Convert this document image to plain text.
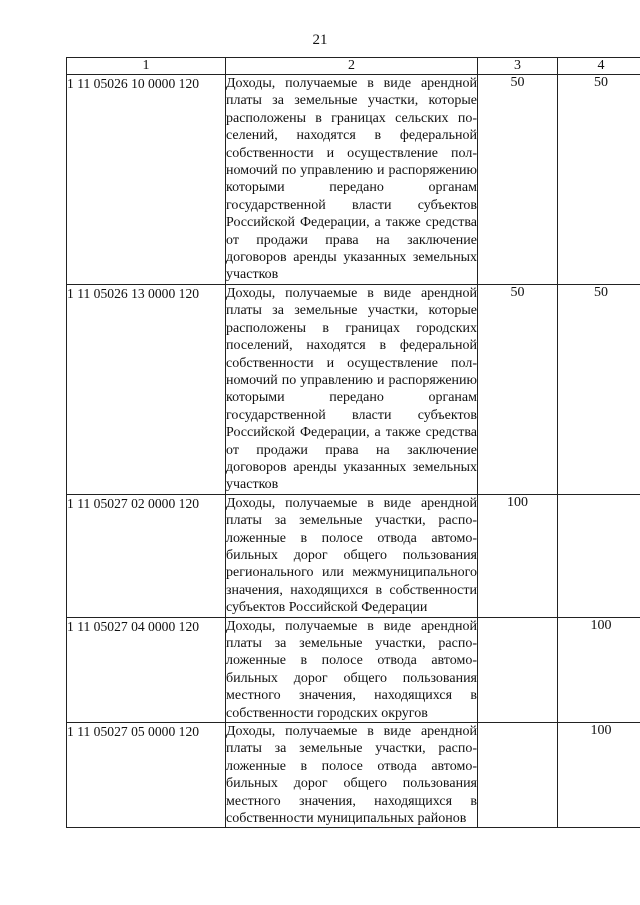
21
1	2	3	4
1 11 05026 10 0000 120	Доходы, получаемые в виде арендной платы за земельные участки, которые расположены в границах сельских поселений, находятся в федеральной собственности и осуществление полномочий по управлению и распоряжению которыми передано органам государственной власти субъектов Российской Федерации, а также средства от продажи права на заключение договоров аренды указанных земельных участков	50	50

1 11 05026 13 0000 120	Доходы, получаемые в виде арендной платы за земельные участки, которые расположены в границах городских поселений, находятся в федеральной собственности и осуществление полномочий по управлению и распоряжению которыми передано органам государственной власти субъектов Российской Федерации, а также средства от продажи права на заключение договоров аренды указанных земельных участков	50	50

1 11 05027 02 0000 120	Доходы, получаемые в виде арендной платы за земельные участки, расположенные в полосе отвода автомобильных дорог общего пользования регионального или межмуниципального значения, находящихся в собственности субъектов Российской Федерации	100	

1 11 05027 04 0000 120	Доходы, получаемые в виде арендной платы за земельные участки, расположенные в полосе отвода автомобильных дорог общего пользования местного значения, находящихся в собственности городских округов		100

1 11 05027 05 0000 120	Доходы, получаемые в виде арендной платы за земельные участки, расположенные в полосе отвода автомобильных дорог общего пользования местного значения, находящихся в собственности муниципальных районов		100
